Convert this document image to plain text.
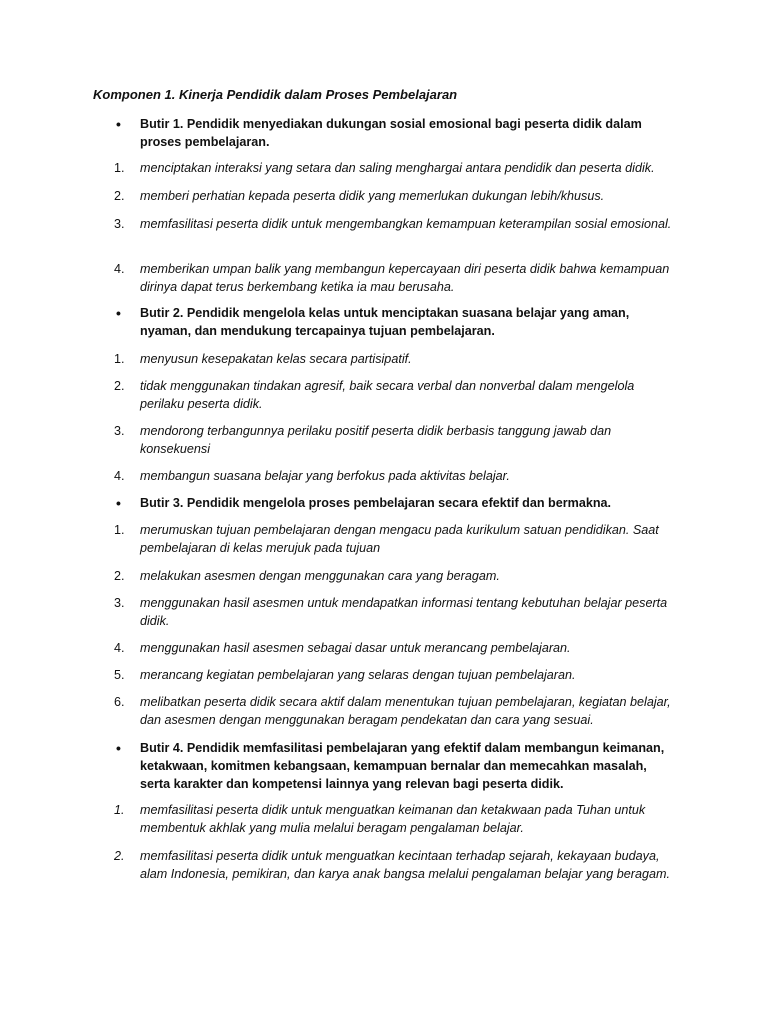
Komponen 1. Kinerja Pendidik dalam Proses Pembelajaran

•	Butir 1. Pendidik menyediakan dukungan sosial emosional bagi peserta didik dalam proses pembelajaran.
1.	menciptakan interaksi yang setara dan saling menghargai antara pendidik dan peserta didik.
2.	memberi perhatian kepada peserta didik yang memerlukan dukungan lebih/khusus.
3.	memfasilitasi peserta didik untuk mengembangkan kemampuan keterampilan sosial emosional.
4.	memberikan umpan balik yang membangun kepercayaan diri peserta didik bahwa kemampuan dirinya dapat terus berkembang ketika ia mau berusaha.
•	Butir 2. Pendidik mengelola kelas untuk menciptakan suasana belajar yang aman, nyaman, dan mendukung tercapainya tujuan pembelajaran.
1.	menyusun kesepakatan kelas secara partisipatif.
2.	tidak menggunakan tindakan agresif, baik secara verbal dan nonverbal dalam mengelola perilaku peserta didik.
3.	mendorong terbangunnya perilaku positif peserta didik berbasis tanggung jawab dan konsekuensi
4.	membangun suasana belajar yang berfokus pada aktivitas belajar.
•	Butir 3. Pendidik mengelola proses pembelajaran secara efektif dan bermakna.
1.	merumuskan tujuan pembelajaran dengan mengacu pada kurikulum satuan pendidikan. Saat pembelajaran di kelas merujuk pada tujuan
2.	melakukan asesmen dengan menggunakan cara yang beragam.
3.	menggunakan hasil asesmen untuk mendapatkan informasi tentang kebutuhan belajar peserta didik.
4.	menggunakan hasil asesmen sebagai dasar untuk merancang pembelajaran.
5.	merancang kegiatan pembelajaran yang selaras dengan tujuan pembelajaran.
6.	melibatkan peserta didik secara aktif dalam menentukan tujuan pembelajaran, kegiatan belajar, dan asesmen dengan menggunakan beragam pendekatan dan cara yang sesuai.
•	Butir 4. Pendidik memfasilitasi pembelajaran yang efektif dalam membangun keimanan, ketakwaan, komitmen kebangsaan, kemampuan bernalar dan memecahkan masalah, serta karakter dan kompetensi lainnya yang relevan bagi peserta didik.
1.	memfasilitasi peserta didik untuk menguatkan keimanan dan ketakwaan pada Tuhan untuk membentuk akhlak yang mulia melalui beragam pengalaman belajar.
2.	memfasilitasi peserta didik untuk menguatkan kecintaan terhadap sejarah, kekayaan budaya, alam Indonesia, pemikiran, dan karya anak bangsa melalui pengalaman belajar yang beragam.
